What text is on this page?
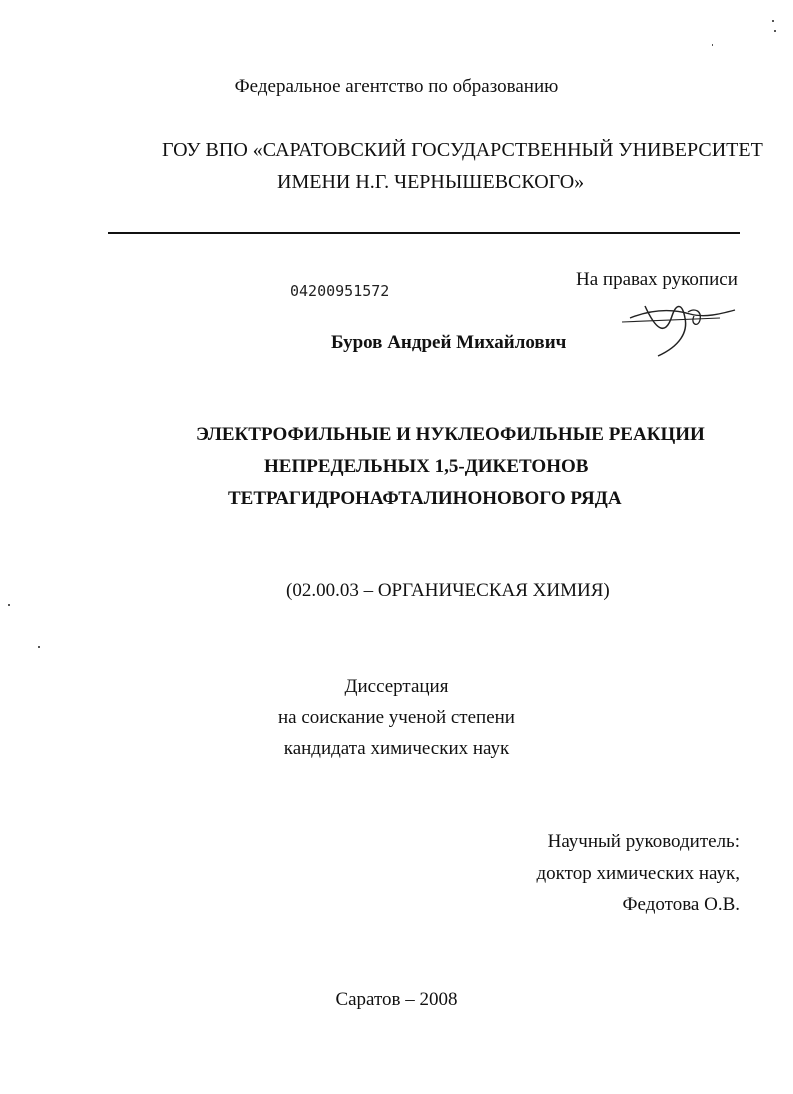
Федеральное агентство по образованию
ГОУ ВПО «САРАТОВСКИЙ ГОСУДАРСТВЕННЫЙ УНИВЕРСИТЕТ
ИМЕНИ Н.Г. ЧЕРНЫШЕВСКОГО»
На правах рукописи
04200951572
Буров Андрей Михайлович
ЭЛЕКТРОФИЛЬНЫЕ И НУКЛЕОФИЛЬНЫЕ РЕАКЦИИ
НЕПРЕДЕЛЬНЫХ 1,5-ДИКЕТОНОВ
ТЕТРАГИДРОНАФТАЛИНОНОВОГО РЯДА
(02.00.03 – ОРГАНИЧЕСКАЯ ХИМИЯ)
Диссертация
на соискание ученой степени
кандидата химических наук
Научный руководитель:
доктор химических наук,
Федотова О.В.
Саратов – 2008
